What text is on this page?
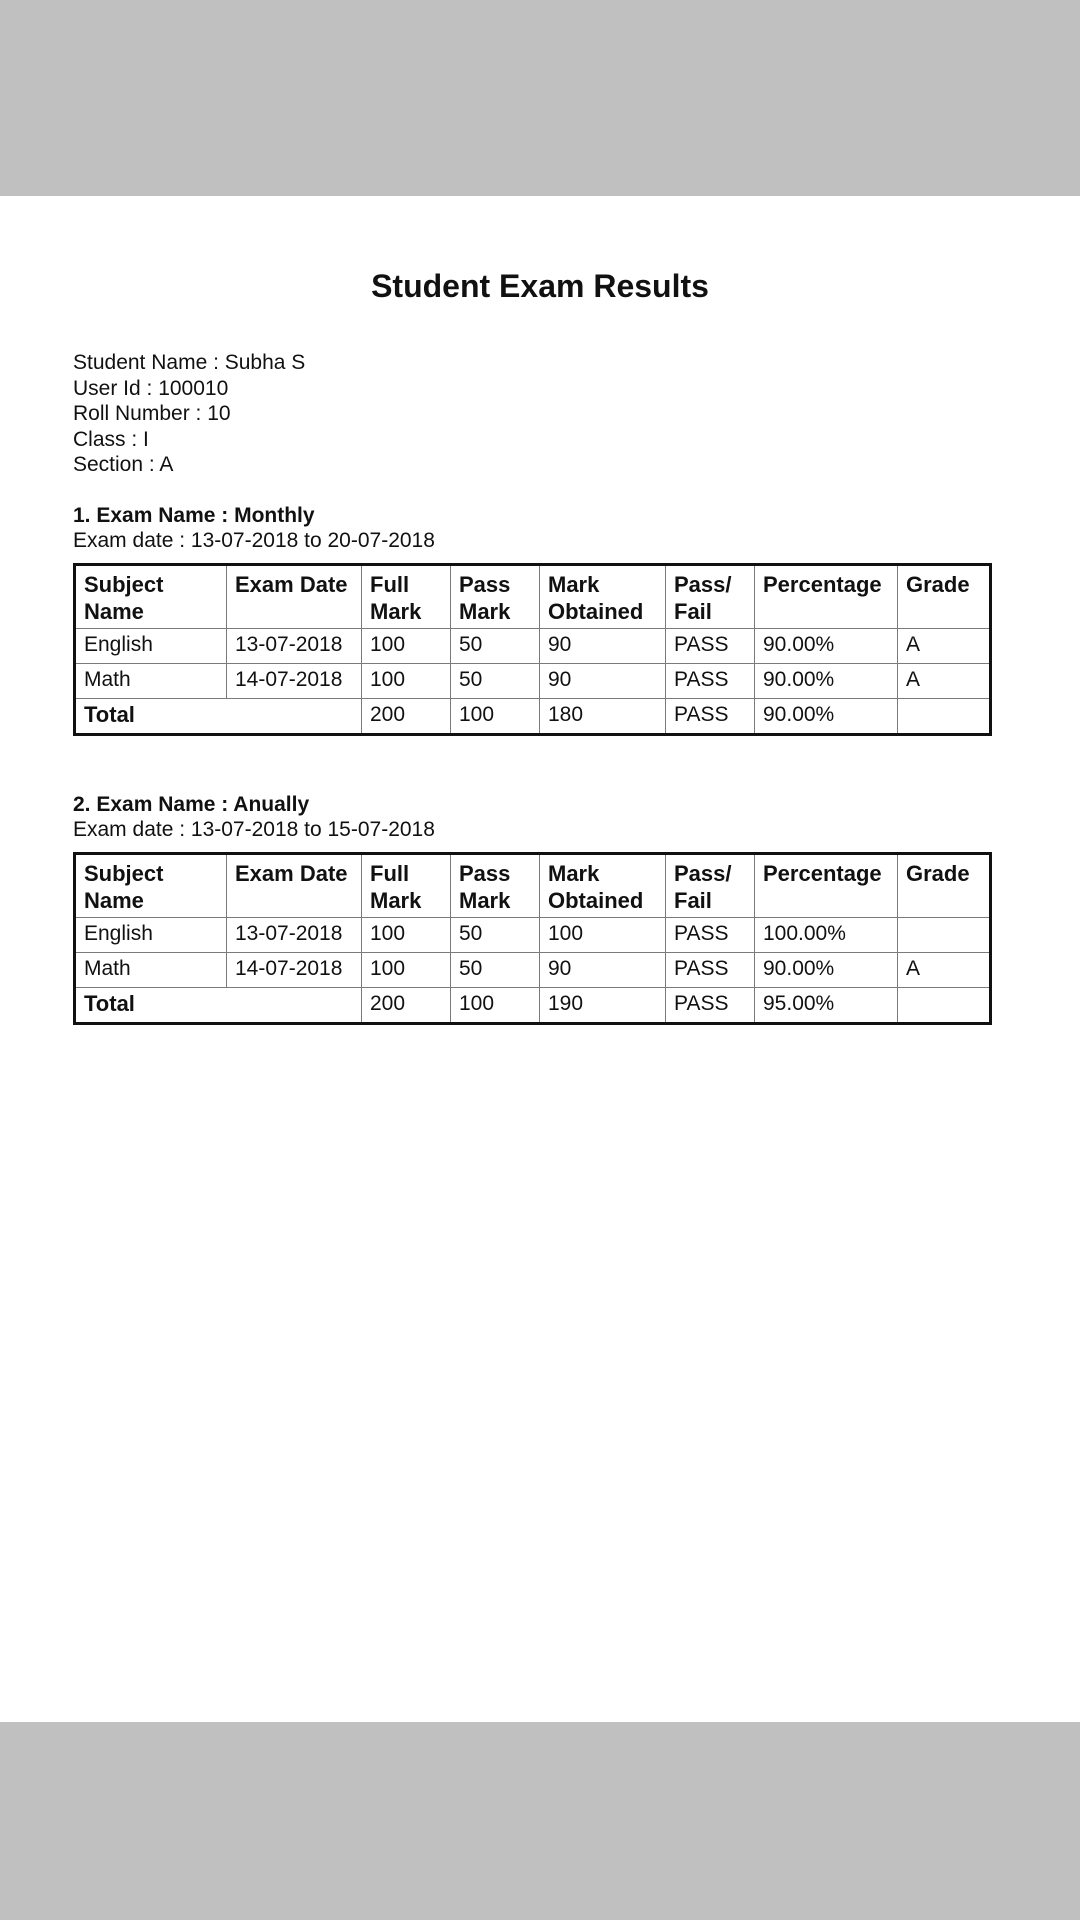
Student Exam Results
Student Name : Subha S
User Id : 100010
Roll Number : 10
Class : I
Section : A
1. Exam Name : Monthly
Exam date : 13-07-2018 to 20-07-2018
Subject Name	Exam Date	Full Mark	Pass Mark	Mark Obtained	Pass/ Fail	Percentage	Grade
English	13-07-2018	100	50	90	PASS	90.00%	A
Math	14-07-2018	100	50	90	PASS	90.00%	A
Total		200	100	180	PASS	90.00%	
2. Exam Name : Anually
Exam date : 13-07-2018 to 15-07-2018
Subject Name	Exam Date	Full Mark	Pass Mark	Mark Obtained	Pass/ Fail	Percentage	Grade
English	13-07-2018	100	50	100	PASS	100.00%	
Math	14-07-2018	100	50	90	PASS	90.00%	A
Total		200	100	190	PASS	95.00%	
